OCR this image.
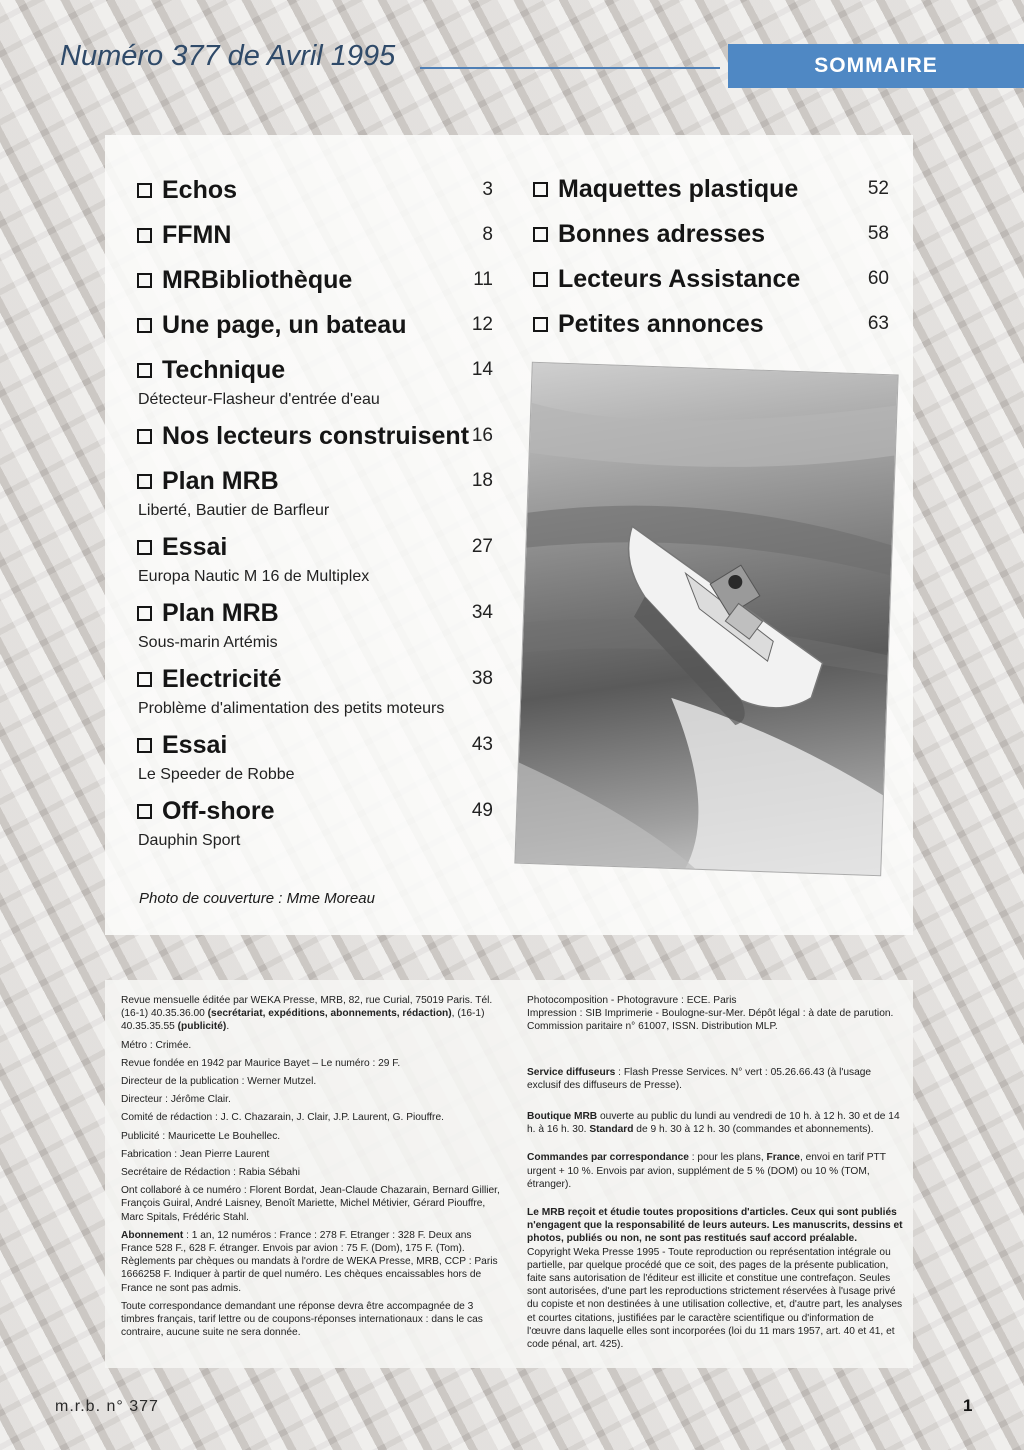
Numéro 377 de Avril 1995	SOMMAIRE
Echos	3
FFMN	8
MRBibliothèque	11
Une page, un bateau	12
Technique	14
Détecteur-Flasheur d'entrée d'eau
Nos lecteurs construisent 16
Plan MRB	18
Liberté, Bautier de Barfleur
Essai	27
Europa Nautic M 16 de Multiplex
Plan MRB	34
Sous-marin Artémis
Electricité	38
Problème d'alimentation des petits moteurs
Essai	43
Le Speeder de Robbe
Off-shore	49
Dauphin Sport
Maquettes plastique	52
Bonnes adresses	58
Lecteurs Assistance	60
Petites annonces	63
Photo de couverture : Mme Moreau

Revue mensuelle éditée par WEKA Presse, MRB, 82, rue Curial, 75019 Paris. Tél. (16-1) 40.35.36.00 (secrétariat, expéditions, abonnements, rédaction), (16-1) 40.35.35.55 (publicité).

Métro : Crimée.

Revue fondée en 1942 par Maurice Bayet – Le numéro : 29 F.

Directeur de la publication : Werner Mutzel.

Directeur : Jérôme Clair.

Comité de rédaction : J. C. Chazarain, J. Clair, J.P. Laurent, G. Piouffre.

Publicité : Mauricette Le Bouhellec.

Fabrication : Jean Pierre Laurent

Secrétaire de Rédaction : Rabia Sébahi

Ont collaboré à ce numéro : Florent Bordat, Jean-Claude Chazarain, Bernard Gillier, François Guiral, André Laisney, Benoît Mariette, Michel Métivier, Gérard Piouffre, Marc Spitals, Frédéric Stahl.

Abonnement : 1 an, 12 numéros : France : 278 F. Etranger : 328 F. Deux ans France 528 F., 628 F. étranger. Envois par avion : 75 F. (Dom), 175 F. (Tom). Règlements par chèques ou mandats à l'ordre de WEKA Presse, MRB, CCP : Paris 1666258 F. Indiquer à partir de quel numéro. Les chèques encaissables hors de France ne sont pas admis.

Toute correspondance demandant une réponse devra être accompagnée de 3 timbres français, tarif lettre ou de coupons-réponses internationaux : dans le cas contraire, aucune suite ne sera donnée.

Photocomposition - Photogravure : ECE. Paris

Impression : SIB Imprimerie - Boulogne-sur-Mer. Dépôt légal : à date de parution. Commission paritaire n° 61007, ISSN. Distribution MLP.

Service diffuseurs : Flash Presse Services. N° vert : 05.26.66.43 (à l'usage exclusif des diffuseurs de Presse).

Boutique MRB ouverte au public du lundi au vendredi de 10 h. à 12 h. 30 et de 14 h. à 16 h. 30. Standard de 9 h. 30 à 12 h. 30 (commandes et abonnements).

Commandes par correspondance : pour les plans, France, envoi en tarif PTT urgent + 10 %. Envois par avion, supplément de 5 % (DOM) ou 10 % (TOM, étranger).

Le MRB reçoit et étudie toutes propositions d'articles. Ceux qui sont publiés n'engagent que la responsabilité de leurs auteurs. Les manuscrits, dessins et photos, publiés ou non, ne sont pas restitués sauf accord préalable.

Copyright Weka Presse 1995 - Toute reproduction ou représentation intégrale ou partielle, par quelque procédé que ce soit, des pages de la présente publication, faite sans autorisation de l'éditeur est illicite et constitue une contrefaçon. Seules sont autorisées, d'une part les reproductions strictement réservées à l'usage privé du copiste et non destinées à une utilisation collective, et, d'autre part, les analyses et courtes citations, justifiées par le caractère scientifique ou d'information de l'œuvre dans laquelle elles sont incorporées (loi du 11 mars 1957, art. 40 et 41, et code pénal, art. 425).

m.r.b. n° 377	1
